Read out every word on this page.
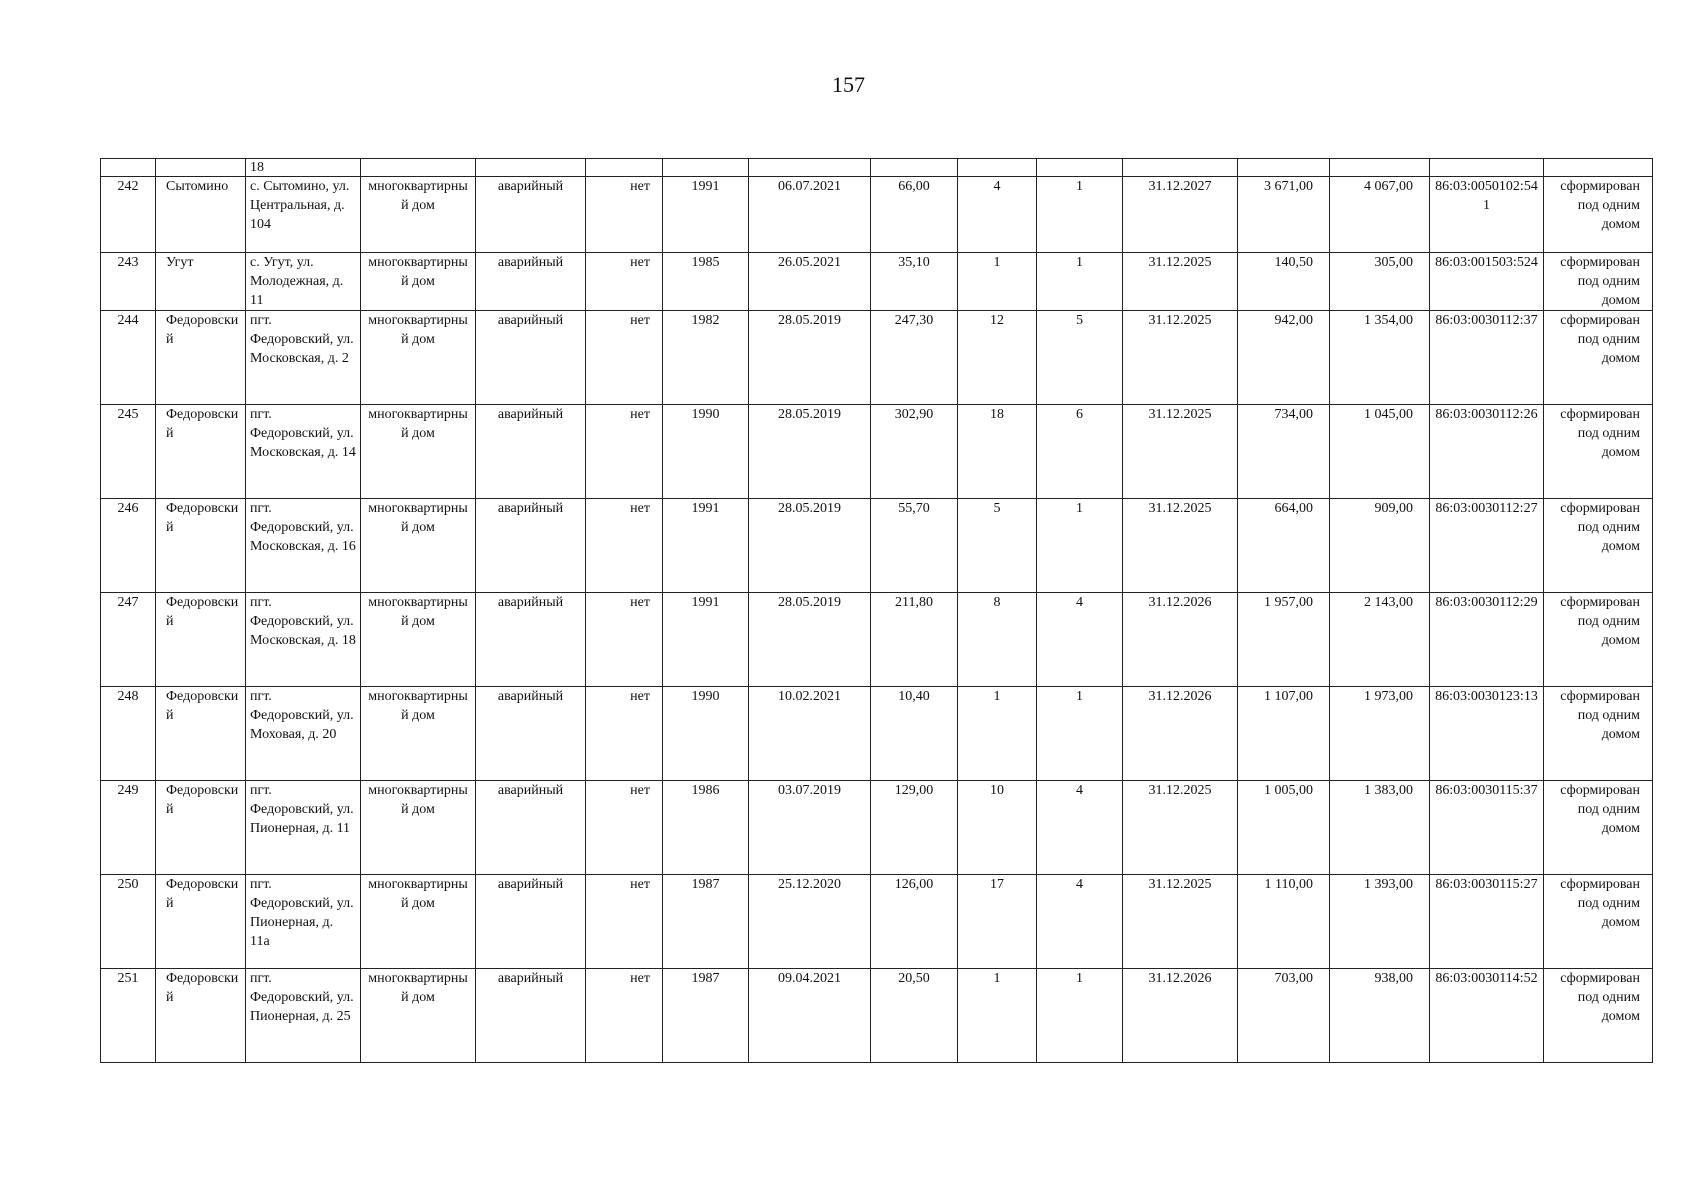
157
		18													
242	Сытомино	с. Сытомино, ул. Центральная, д. 104	многоквартирный дом	аварийный	нет	1991	06.07.2021	66,00	4	1	31.12.2027	3 671,00	4 067,00	86:03:0050102:541	сформирован под одним домом
243	Угут	с. Угут, ул. Молодежная, д. 11	многоквартирный дом	аварийный	нет	1985	26.05.2021	35,10	1	1	31.12.2025	140,50	305,00	86:03:001503:524	сформирован под одним домом
244	Федоровский	пгт. Федоровский, ул. Московская, д. 2	многоквартирный дом	аварийный	нет	1982	28.05.2019	247,30	12	5	31.12.2025	942,00	1 354,00	86:03:0030112:37	сформирован под одним домом
245	Федоровский	пгт. Федоровский, ул. Московская, д. 14	многоквартирный дом	аварийный	нет	1990	28.05.2019	302,90	18	6	31.12.2025	734,00	1 045,00	86:03:0030112:26	сформирован под одним домом
246	Федоровский	пгт. Федоровский, ул. Московская, д. 16	многоквартирный дом	аварийный	нет	1991	28.05.2019	55,70	5	1	31.12.2025	664,00	909,00	86:03:0030112:27	сформирован под одним домом
247	Федоровский	пгт. Федоровский, ул. Московская, д. 18	многоквартирный дом	аварийный	нет	1991	28.05.2019	211,80	8	4	31.12.2026	1 957,00	2 143,00	86:03:0030112:29	сформирован под одним домом
248	Федоровский	пгт. Федоровский, ул. Моховая, д. 20	многоквартирный дом	аварийный	нет	1990	10.02.2021	10,40	1	1	31.12.2026	1 107,00	1 973,00	86:03:0030123:13	сформирован под одним домом
249	Федоровский	пгт. Федоровский, ул. Пионерная, д. 11	многоквартирный дом	аварийный	нет	1986	03.07.2019	129,00	10	4	31.12.2025	1 005,00	1 383,00	86:03:0030115:37	сформирован под одним домом
250	Федоровский	пгт. Федоровский, ул. Пионерная, д. 11а	многоквартирный дом	аварийный	нет	1987	25.12.2020	126,00	17	4	31.12.2025	1 110,00	1 393,00	86:03:0030115:27	сформирован под одним домом
251	Федоровский	пгт. Федоровский, ул. Пионерная, д. 25	многоквартирный дом	аварийный	нет	1987	09.04.2021	20,50	1	1	31.12.2026	703,00	938,00	86:03:0030114:52	сформирован под одним домом
